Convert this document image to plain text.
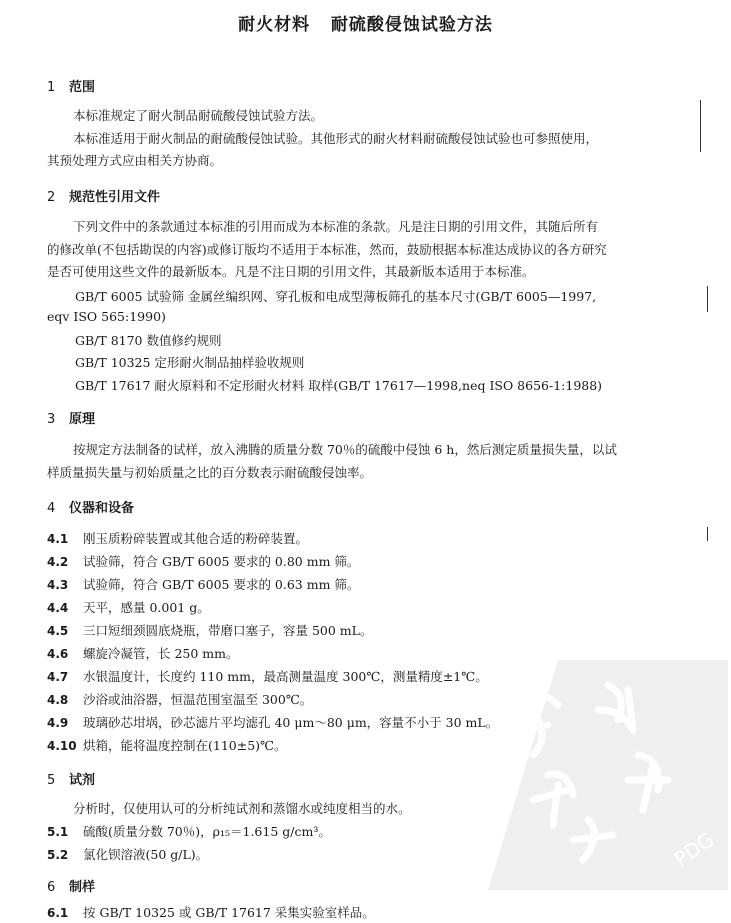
耐火材料   耐硫酸侵蚀试验方法
1 范围

本标准规定了耐火制品耐硫酸侵蚀试验方法。

本标准适用于耐火制品的耐硫酸侵蚀试验。其他形式的耐火材料耐硫酸侵蚀试验也可参照使用，

其预处理方式应由相关方协商。

2 规范性引用文件

下列文件中的条款通过本标准的引用而成为本标准的条款。凡是注日期的引用文件，其随后所有

的修改单(不包括勘误的内容)或修订版均不适用于本标准，然而，鼓励根据本标准达成协议的各方研究

是否可使用这些文件的最新版本。凡是不注日期的引用文件，其最新版本适用于本标准。

GB/T 6005 试验筛 金属丝编织网、穿孔板和电成型薄板筛孔的基本尺寸(GB/T 6005—1997,

eqv ISO 565:1990)

GB/T 8170 数值修约规则

GB/T 10325 定形耐火制品抽样验收规则

GB/T 17617 耐火原料和不定形耐火材料 取样(GB/T 17617—1998,neq ISO 8656-1:1988)

3 原理

按规定方法制备的试样，放入沸腾的质量分数 70％的硫酸中侵蚀 6 h，然后测定质量损失量，以试

样质量损失量与初始质量之比的百分数表示耐硫酸侵蚀率。

4 仪器和设备

4.1 刚玉质粉碎装置或其他合适的粉碎装置。

4.2 试验筛，符合 GB/T 6005 要求的 0.80 mm 筛。

4.3 试验筛，符合 GB/T 6005 要求的 0.63 mm 筛。

4.4 天平，感量 0.001 g。

4.5 三口短细颈圆底烧瓶，带磨口塞子，容量 500 mL。

4.6 螺旋冷凝管，长 250 mm。

4.7 水银温度计，长度约 110 mm，最高测量温度 300℃，测量精度±1℃。

4.8 沙浴或油浴器，恒温范围室温至 300℃。

4.9 玻璃砂芯坩埚，砂芯滤片平均滤孔 40 μm～80 μm，容量不小于 30 mL。

4.10 烘箱，能将温度控制在(110±5)℃。

5 试剂

分析时，仅使用认可的分析纯试剂和蒸馏水或纯度相当的水。

5.1 硫酸(质量分数 70％)，ρ₁₅＝1.615 g/cm³。

5.2 氯化钡溶液(50 g/L)。

6 制样

6.1 按 GB/T 10325 或 GB/T 17617 采集实验室样品。

PDG
